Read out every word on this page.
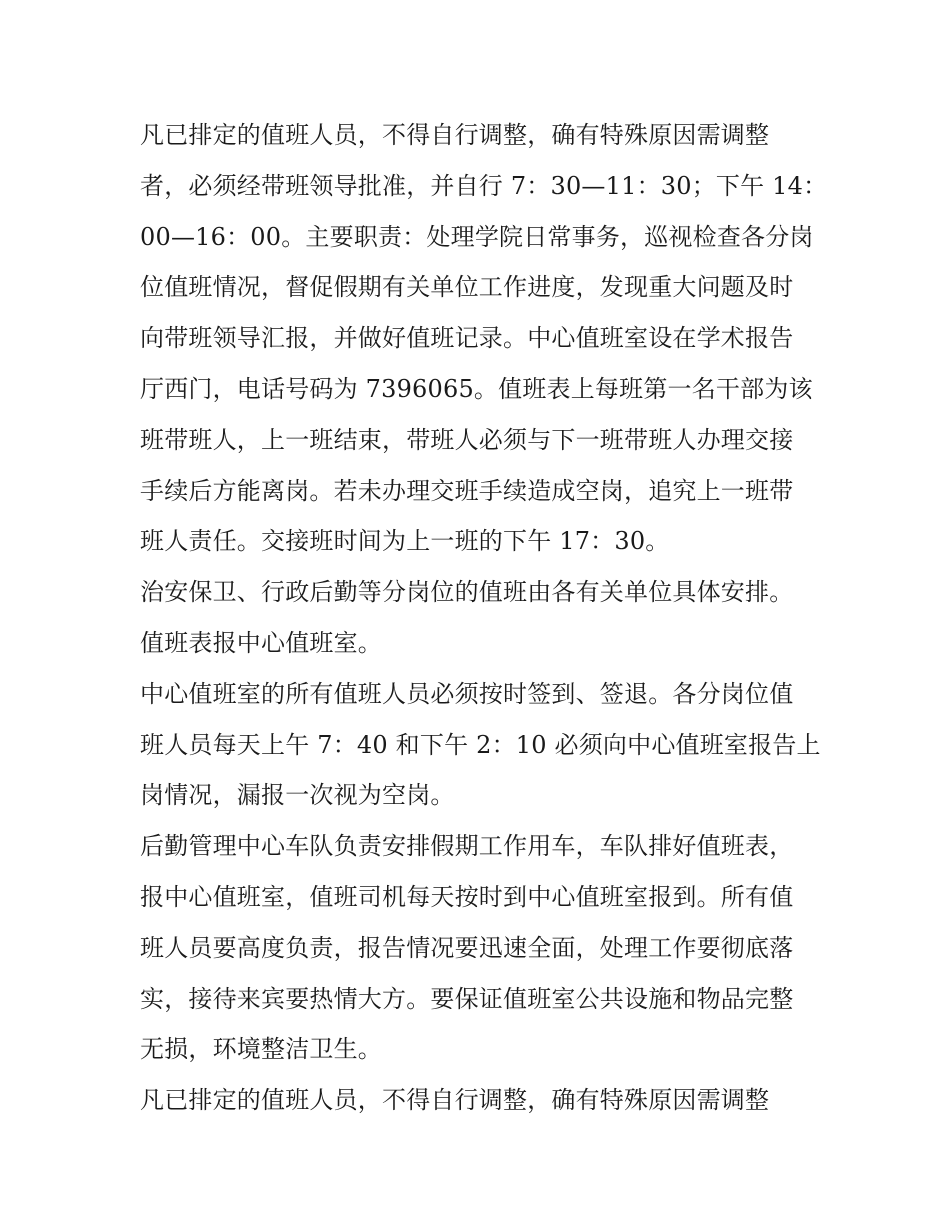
凡已排定的值班人员，不得自行调整，确有特殊原因需调整
者，必须经带班领导批准，并自行 7：30—11：30；下午 14：
00—16：00。主要职责：处理学院日常事务，巡视检查各分岗
位值班情况，督促假期有关单位工作进度，发现重大问题及时
向带班领导汇报，并做好值班记录。中心值班室设在学术报告
厅西门，电话号码为 7396065。值班表上每班第一名干部为该
班带班人，上一班结束，带班人必须与下一班带班人办理交接
手续后方能离岗。若未办理交班手续造成空岗，追究上一班带
班人责任。交接班时间为上一班的下午 17：30。
治安保卫、行政后勤等分岗位的值班由各有关单位具体安排。
值班表报中心值班室。
中心值班室的所有值班人员必须按时签到、签退。各分岗位值
班人员每天上午 7：40 和下午 2：10 必须向中心值班室报告上
岗情况，漏报一次视为空岗。
后勤管理中心车队负责安排假期工作用车，车队排好值班表，
报中心值班室，值班司机每天按时到中心值班室报到。所有值
班人员要高度负责，报告情况要迅速全面，处理工作要彻底落
实，接待来宾要热情大方。要保证值班室公共设施和物品完整
无损，环境整洁卫生。
凡已排定的值班人员，不得自行调整，确有特殊原因需调整
